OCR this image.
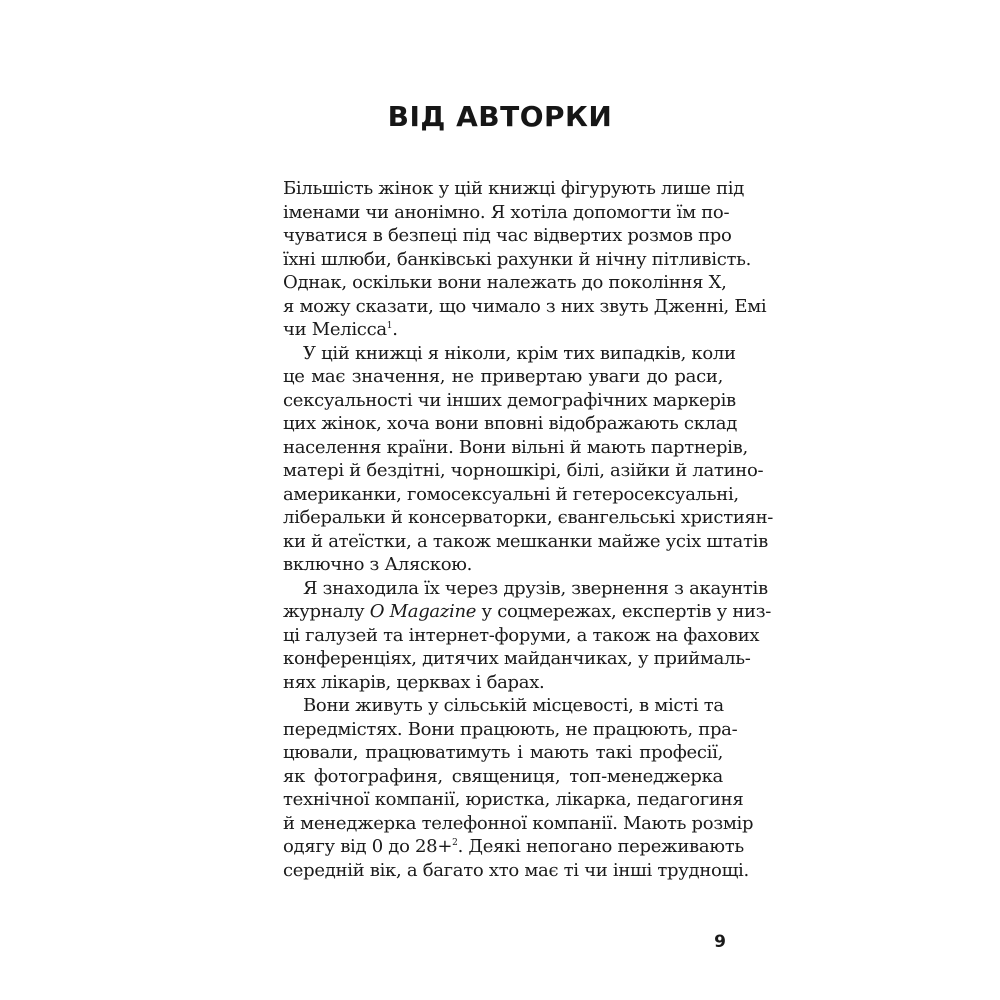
ВІД АВТОРКИ
Більшість жінок у цій книжці фігурують лише під
іменами чи анонімно. Я хотіла допомогти їм по-
чуватися в безпеці під час відвертих розмов про
їхні шлюби, банківські рахунки й нічну пітливість.
Однак, оскільки вони належать до покоління Х,
я можу сказати, що чимало з них звуть Дженні, Емі
чи Мелісса$^1$.
У цій книжці я ніколи, крім тих випадків, коли
це має значення, не привертаю уваги до раси,
сексуальності чи інших демографічних маркерів
цих жінок, хоча вони вповні відображають склад
населення країни. Вони вільні й мають партнерів,
матері й бездітні, чорношкірі, білі, азійки й латино-
американки, гомосексуальні й гетеросексуальні,
ліберальки й консерваторки, євангельські християн-
ки й атеїстки, а також мешканки майже усіх штатів
включно з Аляскою.
Я знаходила їх через друзів, звернення з акаунтів
журналу O Magazine у соцмережах, експертів у низ-
ці галузей та інтернет-форуми, а також на фахових
конференціях, дитячих майданчиках, у приймаль-
нях лікарів, церквах і барах.
Вони живуть у сільській місцевості, в місті та
передмістях. Вони працюють, не працюють, пра-
цювали, працюватимуть і мають такі професії,
як фотографиня, священиця, топ-менеджерка
технічної компанії, юристка, лікарка, педагогиня
й менеджерка телефонної компанії. Мають розмір
одягу від 0 до 28+$^2$. Деякі непогано переживають
середній вік, а багато хто має ті чи інші труднощі.
9
